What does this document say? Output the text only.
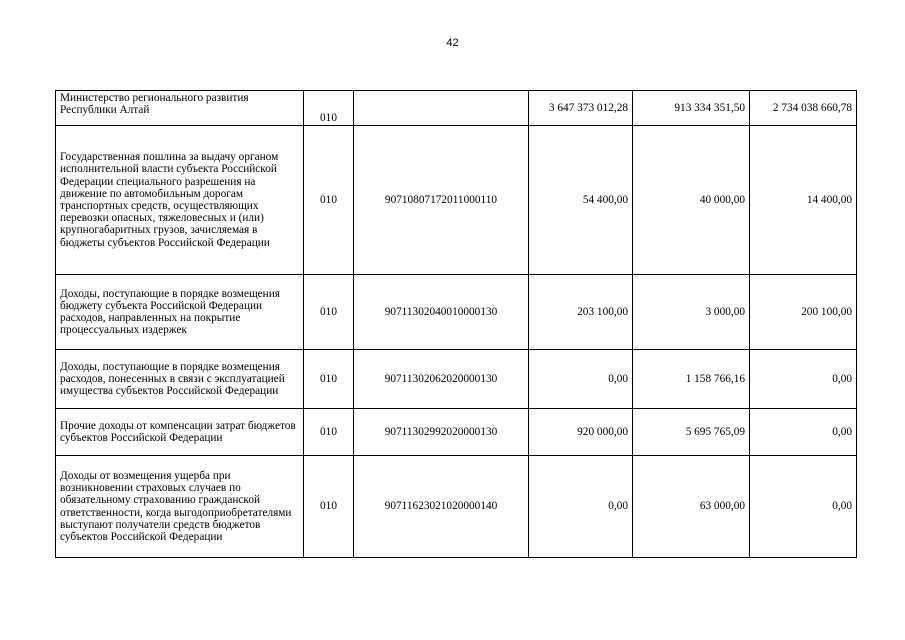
42
Министерство регионального развития Республики Алтай	010		3 647 373 012,28	913 334 351,50	2 734 038 660,78
Государственная пошлина за выдачу органом исполнительной власти субъекта Российской Федерации специального разрешения на движение по автомобильным дорогам транспортных средств, осуществляющих перевозки опасных, тяжеловесных и (или) крупногабаритных грузов, зачисляемая в бюджеты субъектов Российской Федерации	010	90710807172011000110	54 400,00	40 000,00	14 400,00
Доходы, поступающие в порядке возмещения бюджету субъекта Российской Федерации расходов, направленных на покрытие процессуальных издержек	010	90711302040010000130	203 100,00	3 000,00	200 100,00
Доходы, поступающие в порядке возмещения расходов, понесенных в связи с эксплуатацией имущества субъектов Российской Федерации	010	90711302062020000130	0,00	1 158 766,16	0,00
Прочие доходы от компенсации затрат бюджетов субъектов Российской Федерации	010	90711302992020000130	920 000,00	5 695 765,09	0,00
Доходы от возмещения ущерба при возникновении страховых случаев по обязательному страхованию гражданской ответственности, когда выгодоприобретателями выступают получатели средств бюджетов субъектов Российской Федерации	010	90711623021020000140	0,00	63 000,00	0,00
